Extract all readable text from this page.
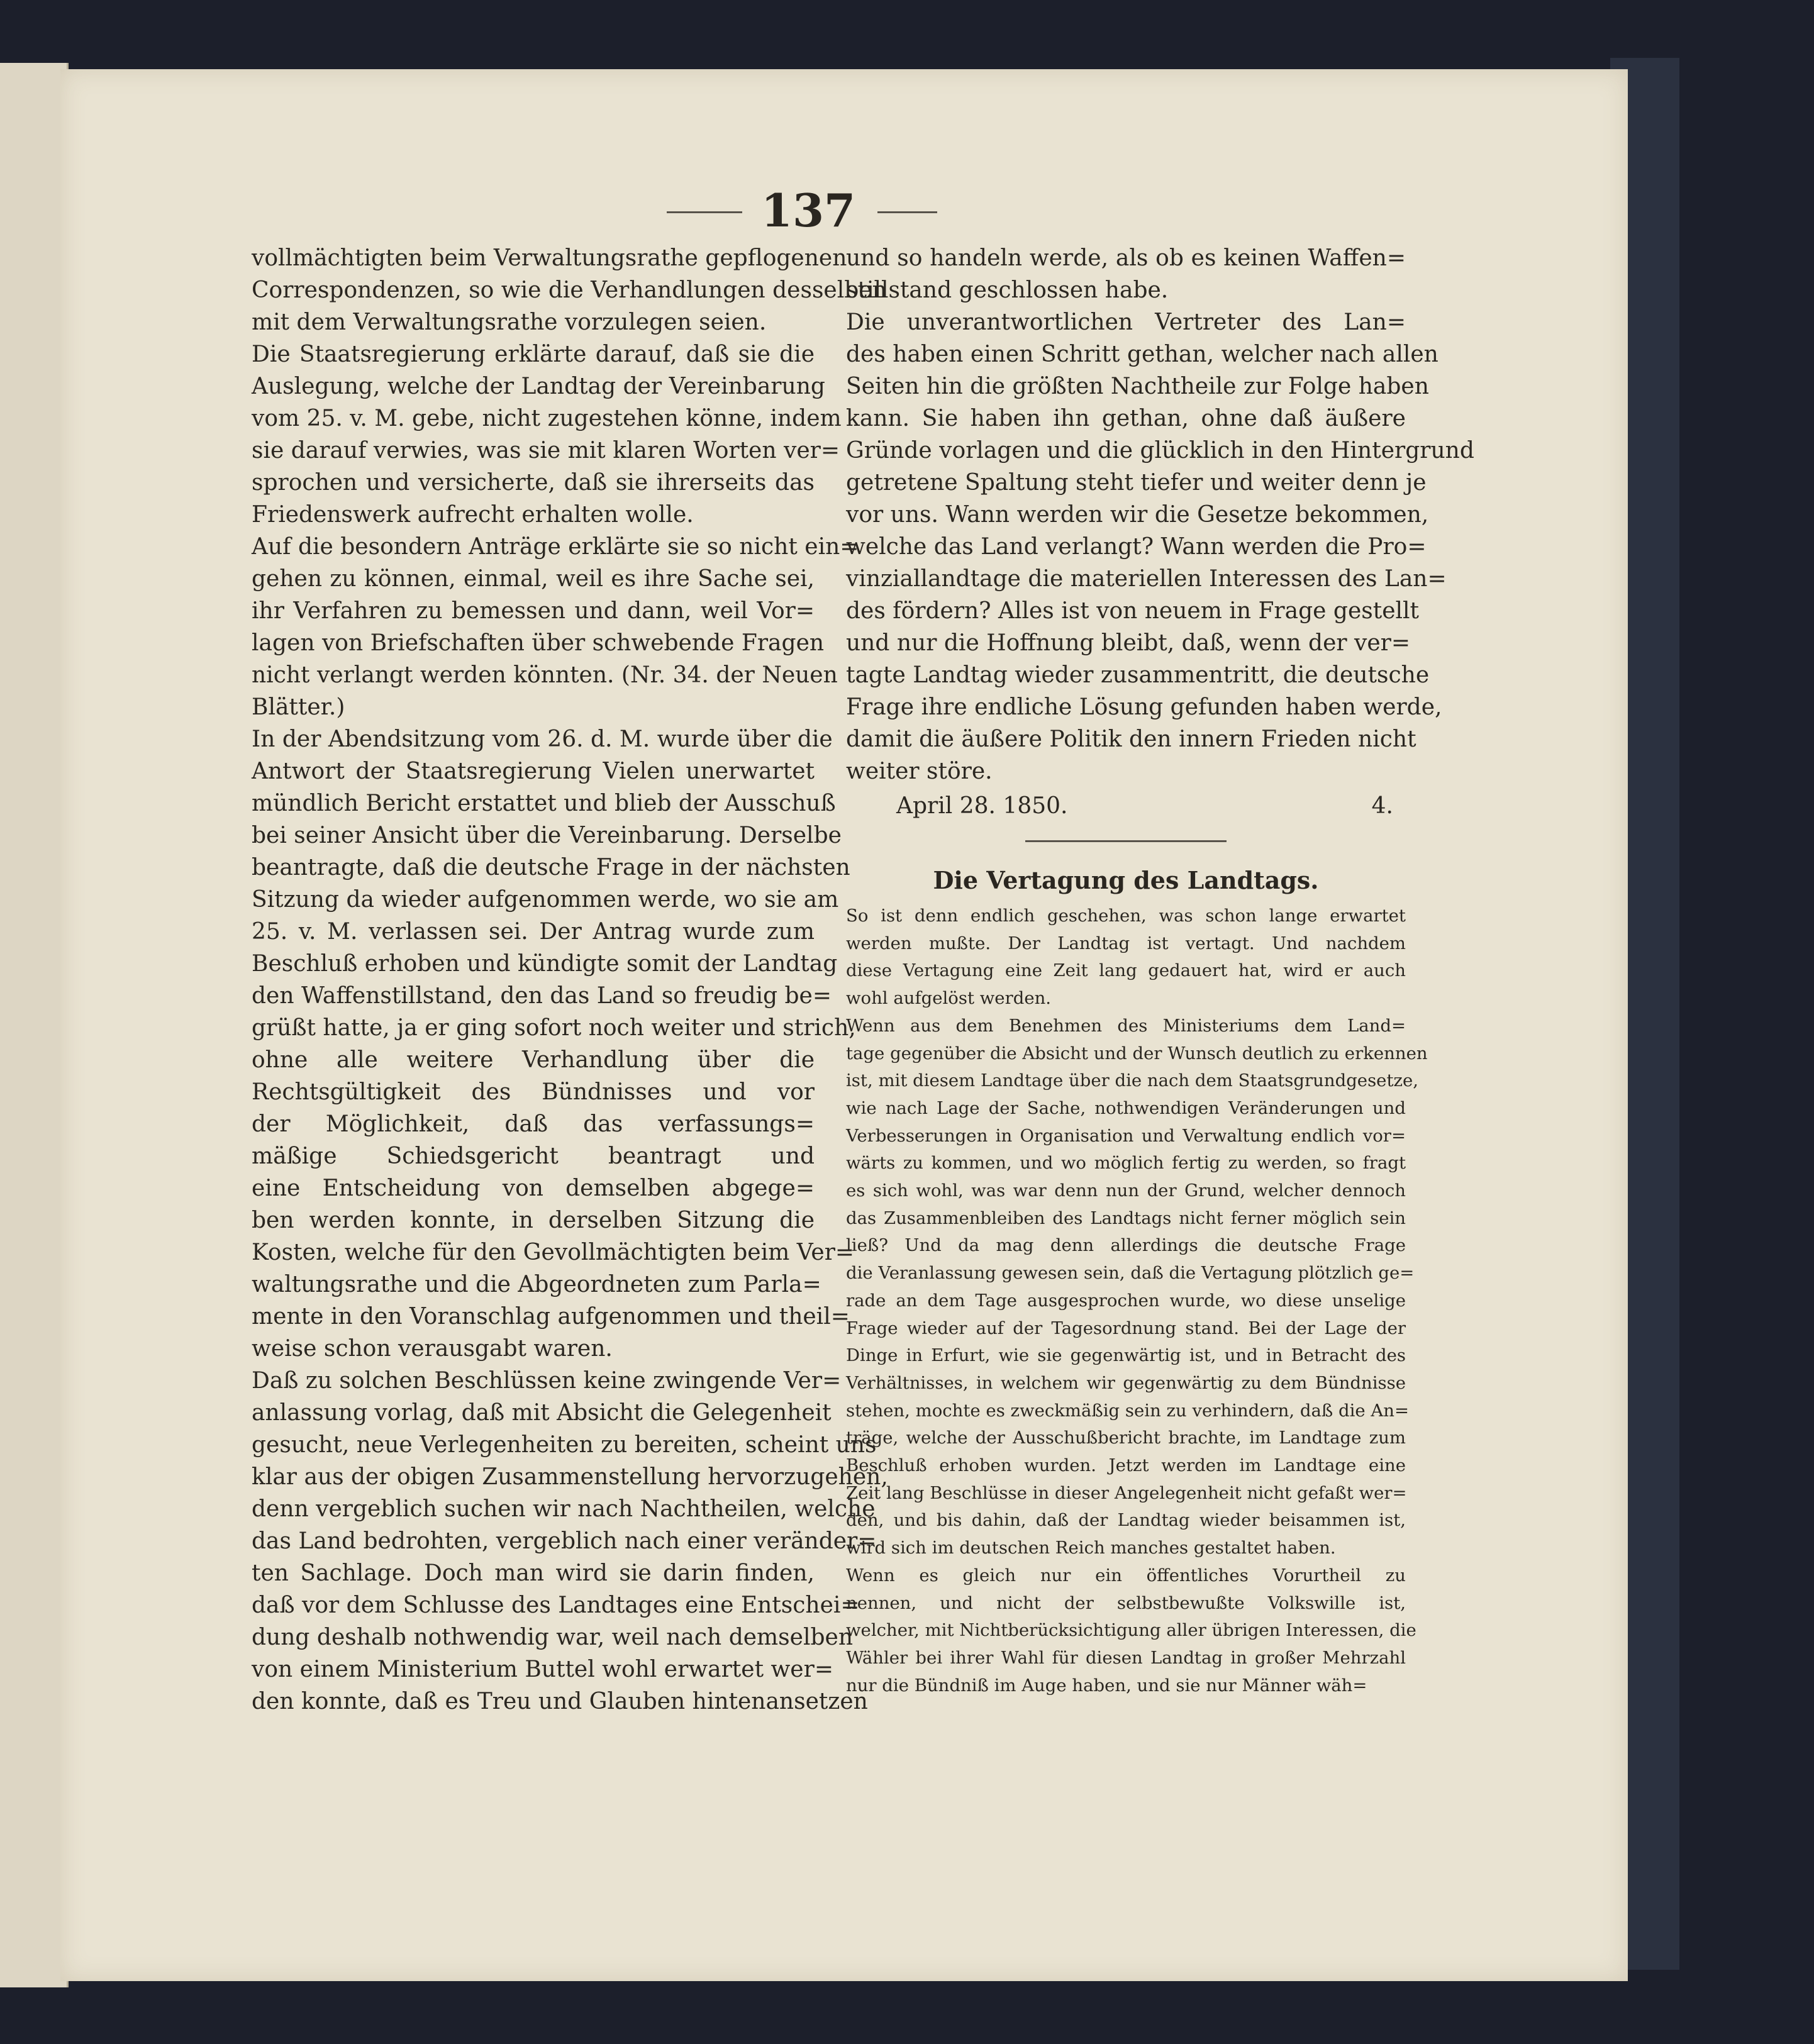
137
vollmächtigten beim Verwaltungsrathe gepflogenen
Correspondenzen, so wie die Verhandlungen desselben
mit dem Verwaltungsrathe vorzulegen seien.
Die Staatsregierung erklärte darauf, daß sie die
Auslegung, welche der Landtag der Vereinbarung
vom 25. v. M. gebe, nicht zugestehen könne, indem
sie darauf verwies, was sie mit klaren Worten ver=
sprochen und versicherte, daß sie ihrerseits das
Friedenswerk aufrecht erhalten wolle.
Auf die besondern Anträge erklärte sie so nicht ein=
gehen zu können, einmal, weil es ihre Sache sei,
ihr Verfahren zu bemessen und dann, weil Vor=
lagen von Briefschaften über schwebende Fragen
nicht verlangt werden könnten. (Nr. 34. der Neuen
Blätter.)
In der Abendsitzung vom 26. d. M. wurde über die
Antwort der Staatsregierung Vielen unerwartet
mündlich Bericht erstattet und blieb der Ausschuß
bei seiner Ansicht über die Vereinbarung. Derselbe
beantragte, daß die deutsche Frage in der nächsten
Sitzung da wieder aufgenommen werde, wo sie am
25. v. M. verlassen sei. Der Antrag wurde zum
Beschluß erhoben und kündigte somit der Landtag
den Waffenstillstand, den das Land so freudig be=
grüßt hatte, ja er ging sofort noch weiter und strich,
ohne alle weitere Verhandlung über die
Rechtsgültigkeit des Bündnisses und vor
der Möglichkeit, daß das verfassungs=
mäßige Schiedsgericht beantragt und
eine Entscheidung von demselben abgege=
ben werden konnte, in derselben Sitzung die
Kosten, welche für den Gevollmächtigten beim Ver=
waltungsrathe und die Abgeordneten zum Parla=
mente in den Voranschlag aufgenommen und theil=
weise schon verausgabt waren.
Daß zu solchen Beschlüssen keine zwingende Ver=
anlassung vorlag, daß mit Absicht die Gelegenheit
gesucht, neue Verlegenheiten zu bereiten, scheint uns
klar aus der obigen Zusammenstellung hervorzugehen,
denn vergeblich suchen wir nach Nachtheilen, welche
das Land bedrohten, vergeblich nach einer veränder=
ten Sachlage. Doch man wird sie darin finden,
daß vor dem Schlusse des Landtages eine Entschei=
dung deshalb nothwendig war, weil nach demselben
von einem Ministerium Buttel wohl erwartet wer=
den konnte, daß es Treu und Glauben hintenansetzen
und so handeln werde, als ob es keinen Waffen=
stillstand geschlossen habe.
Die unverantwortlichen Vertreter des Lan=
des haben einen Schritt gethan, welcher nach allen
Seiten hin die größten Nachtheile zur Folge haben
kann. Sie haben ihn gethan, ohne daß äußere
Gründe vorlagen und die glücklich in den Hintergrund
getretene Spaltung steht tiefer und weiter denn je
vor uns. Wann werden wir die Gesetze bekommen,
welche das Land verlangt? Wann werden die Pro=
vinziallandtage die materiellen Interessen des Lan=
des fördern? Alles ist von neuem in Frage gestellt
und nur die Hoffnung bleibt, daß, wenn der ver=
tagte Landtag wieder zusammentritt, die deutsche
Frage ihre endliche Lösung gefunden haben werde,
damit die äußere Politik den innern Frieden nicht
weiter störe.
April 28. 1850.	4.
Die Vertagung des Landtags.
So ist denn endlich geschehen, was schon lange erwartet
werden mußte. Der Landtag ist vertagt. Und nachdem
diese Vertagung eine Zeit lang gedauert hat, wird er auch
wohl aufgelöst werden.
Wenn aus dem Benehmen des Ministeriums dem Land=
tage gegenüber die Absicht und der Wunsch deutlich zu erkennen
ist, mit diesem Landtage über die nach dem Staatsgrundgesetze,
wie nach Lage der Sache, nothwendigen Veränderungen und
Verbesserungen in Organisation und Verwaltung endlich vor=
wärts zu kommen, und wo möglich fertig zu werden, so fragt
es sich wohl, was war denn nun der Grund, welcher dennoch
das Zusammenbleiben des Landtags nicht ferner möglich sein
ließ? Und da mag denn allerdings die deutsche Frage
die Veranlassung gewesen sein, daß die Vertagung plötzlich ge=
rade an dem Tage ausgesprochen wurde, wo diese unselige
Frage wieder auf der Tagesordnung stand. Bei der Lage der
Dinge in Erfurt, wie sie gegenwärtig ist, und in Betracht des
Verhältnisses, in welchem wir gegenwärtig zu dem Bündnisse
stehen, mochte es zweckmäßig sein zu verhindern, daß die An=
träge, welche der Ausschußbericht brachte, im Landtage zum
Beschluß erhoben wurden. Jetzt werden im Landtage eine
Zeit lang Beschlüsse in dieser Angelegenheit nicht gefaßt wer=
den, und bis dahin, daß der Landtag wieder beisammen ist,
wird sich im deutschen Reich manches gestaltet haben.
Wenn es gleich nur ein öffentliches Vorurtheil zu
nennen, und nicht der selbstbewußte Volkswille ist,
welcher, mit Nichtberücksichtigung aller übrigen Interessen, die
Wähler bei ihrer Wahl für diesen Landtag in großer Mehrzahl
nur die Bündniß im Auge haben, und sie nur Männer wäh=
